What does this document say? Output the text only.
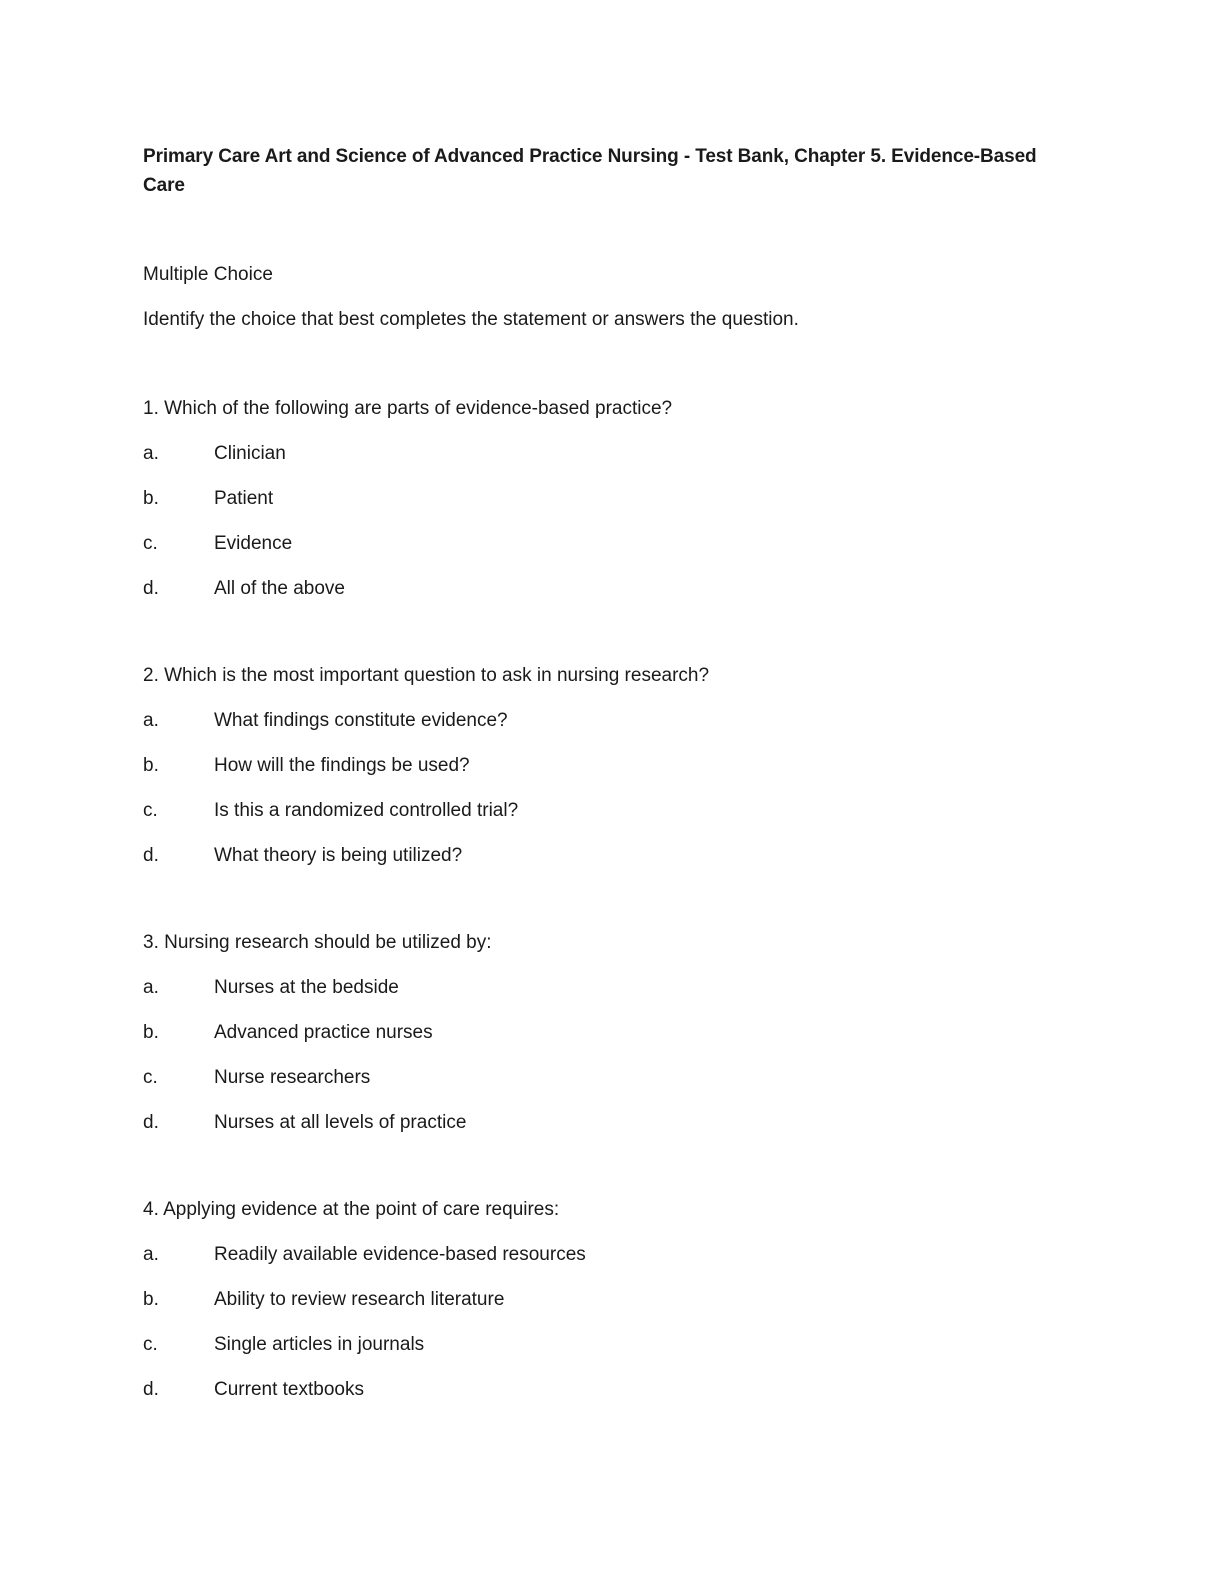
Primary Care Art and Science of Advanced Practice Nursing - Test Bank, Chapter 5. Evidence-Based Care

Multiple Choice

Identify the choice that best completes the statement or answers the question.

1. Which of the following are parts of evidence-based practice?

a.	Clinician
b.	Patient
c.	Evidence
d.	All of the above

2. Which is the most important question to ask in nursing research?

a.	What findings constitute evidence?
b.	How will the findings be used?
c.	Is this a randomized controlled trial?
d.	What theory is being utilized?

3. Nursing research should be utilized by:

a.	Nurses at the bedside
b.	Advanced practice nurses
c.	Nurse researchers
d.	Nurses at all levels of practice

4. Applying evidence at the point of care requires:

a.	Readily available evidence-based resources
b.	Ability to review research literature
c.	Single articles in journals
d.	Current textbooks
